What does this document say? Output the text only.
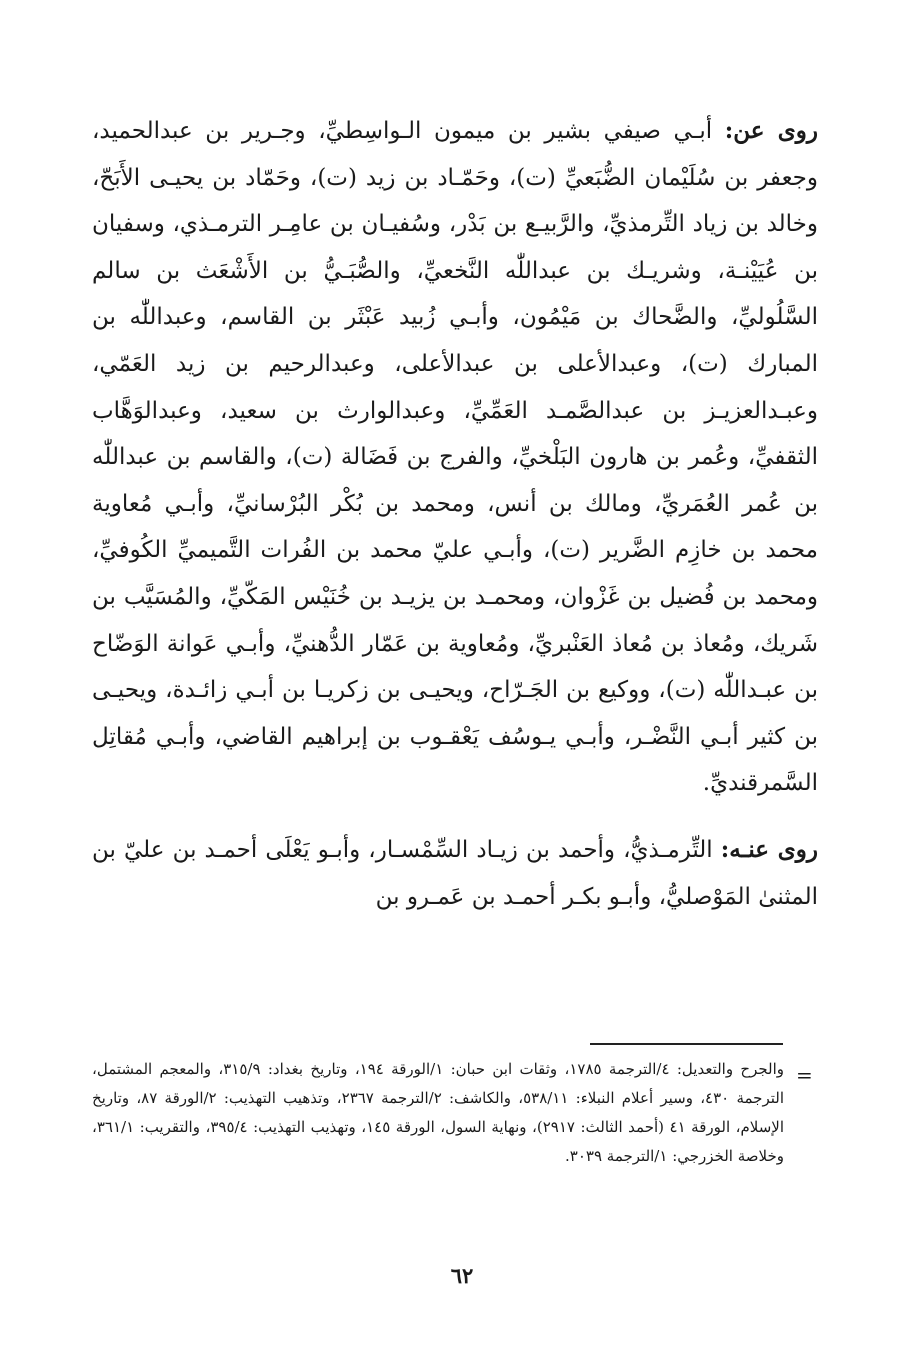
روى عن: أبـي صيفي بشير بن ميمون الـواسِطيِّ، وجـرير بن عبدالحميد، وجعفر بن سُلَيْمان الضُّبَعيِّ (ت)، وحَمّـاد بن زيد (ت)، وحَمّاد بن يحيـى الأَبَحّ، وخالد بن زياد التِّرمذيِّ، والرَّبيـع بن بَدْر، وسُفيـان بن عامِـر الترمـذي، وسفيان بن عُيَيْنـة، وشريـك بن عبداللّٰه النَّخعيِّ، والصُّبَـيُّ بن الأَشْعَث بن سالم السَّلُوليِّ، والضَّحاك بن مَيْمُون، وأبـي زُبيد عَبْثَر بن القاسم، وعبداللّٰه بن المبارك (ت)، وعبدالأعلى بن عبدالأعلى، وعبدالرحيم بن زيد العَمّي، وعبـدالعزيـز بن عبدالصَّمـد العَمِّيِّ، وعبدالوارث بن سعيد، وعبدالوَهَّاب الثقفيِّ، وعُمر بن هارون البَلْخيِّ، والفرج بن فَضَالة (ت)، والقاسم بن عبداللّٰه بن عُمر العُمَريِّ، ومالك بن أنس، ومحمد بن بُكْر البُرْسانيِّ، وأبـي مُعاوية محمد بن خازِم الضَّرير (ت)، وأبـي عليّ محمد بن الفُرات التَّميميِّ الكُوفيِّ، ومحمد بن فُضيل بن غَزْوان، ومحمـد بن يزيـد بن خُنَيْس المَكّيِّ، والمُسَيَّب بن شَريك، ومُعاذ بن مُعاذ العَنْبريِّ، ومُعاوية بن عَمّار الدُّهنيِّ، وأبـي عَوانة الوَضّاح بن عبـداللّٰه (ت)، ووكيع بن الجَـرّاح، ويحيـى بن زكريـا بن أبـي زائـدة، ويحيـى بن كثير أبـي النَّضْـر، وأبـي يـوسُف يَعْقـوب بن إبراهيم القاضي، وأبـي مُقاتِل السَّمرقنديِّ.

روى عنـه: التِّرمـذيُّ، وأحمد بن زيـاد السِّمْسـار، وأبـو يَعْلَى أحمـد بن عليّ بن المثنىٰ المَوْصليُّ، وأبـو بكـر أحمـد بن عَمـرو بن

=
والجرح والتعديل: ٤/الترجمة ١٧٨٥، وثقات ابن حبان: ١/الورقة ١٩٤، وتاريخ بغداد: ٣١٥/٩، والمعجم المشتمل، الترجمة ٤٣٠، وسير أعلام النبلاء: ٥٣٨/١١، والكاشف: ٢/الترجمة ٢٣٦٧، وتذهيب التهذيب: ٢/الورقة ٨٧، وتاريخ الإسلام، الورقة ٤١ (أحمد الثالث: ٢٩١٧)، ونهاية السول، الورقة ١٤٥، وتهذيب التهذيب: ٣٩٥/٤، والتقريب: ٣٦١/١، وخلاصة الخزرجي: ١/الترجمة ٣٠٣٩.
٦٢
